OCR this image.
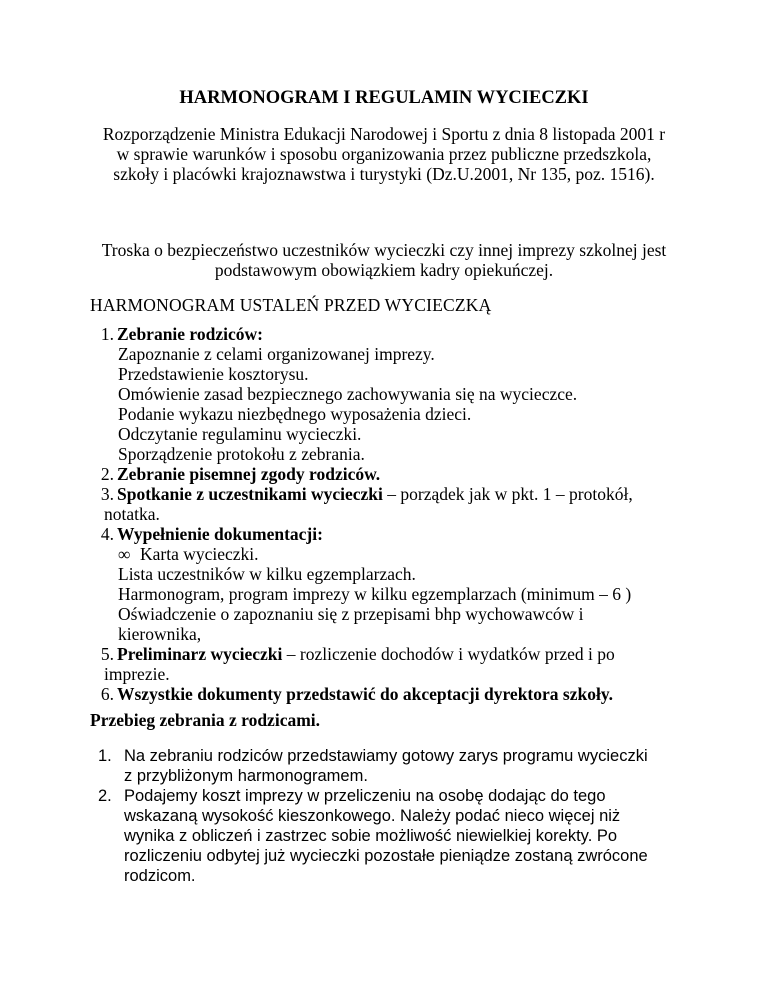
HARMONOGRAM I REGULAMIN WYCIECZKI
Rozporządzenie Ministra Edukacji Narodowej i Sportu z dnia 8 listopada 2001 r
w sprawie warunków i sposobu organizowania przez publiczne przedszkola,
szkoły i placówki krajoznawstwa i turystyki (Dz.U.2001, Nr 135, poz. 1516).
Troska o bezpieczeństwo uczestników wycieczki czy innej imprezy szkolnej jest
podstawowym obowiązkiem kadry opiekuńczej.
HARMONOGRAM USTALEŃ PRZED WYCIECZKĄ
1. Zebranie rodziców:
Zapoznanie z celami organizowanej imprezy.
Przedstawienie kosztorysu.
Omówienie zasad bezpiecznego zachowywania się na wycieczce.
Podanie wykazu niezbędnego wyposażenia dzieci.
Odczytanie regulaminu wycieczki.
Sporządzenie protokołu z zebrania.
2. Zebranie pisemnej zgody rodziców.
3. Spotkanie z uczestnikami wycieczki – porządek jak w pkt. 1 – protokół,
notatka.
4. Wypełnienie dokumentacji:
∞ Karta wycieczki.
Lista uczestników w kilku egzemplarzach.
Harmonogram, program imprezy w kilku egzemplarzach (minimum – 6 )
Oświadczenie o zapoznaniu się z przepisami bhp wychowawców i
kierownika,
5. Preliminarz wycieczki – rozliczenie dochodów i wydatków przed i po
imprezie.
6. Wszystkie dokumenty przedstawić do akceptacji dyrektora szkoły.
Przebieg zebrania z rodzicami.
1. Na zebraniu rodziców przedstawiamy gotowy zarys programu wycieczki
z przybliżonym harmonogramem.
2. Podajemy koszt imprezy w przeliczeniu na osobę dodając do tego
wskazaną wysokość kieszonkowego. Należy podać nieco więcej niż
wynika z obliczeń i zastrzec sobie możliwość niewielkiej korekty. Po
rozliczeniu odbytej już wycieczki pozostałe pieniądze zostaną zwrócone
rodzicom.
